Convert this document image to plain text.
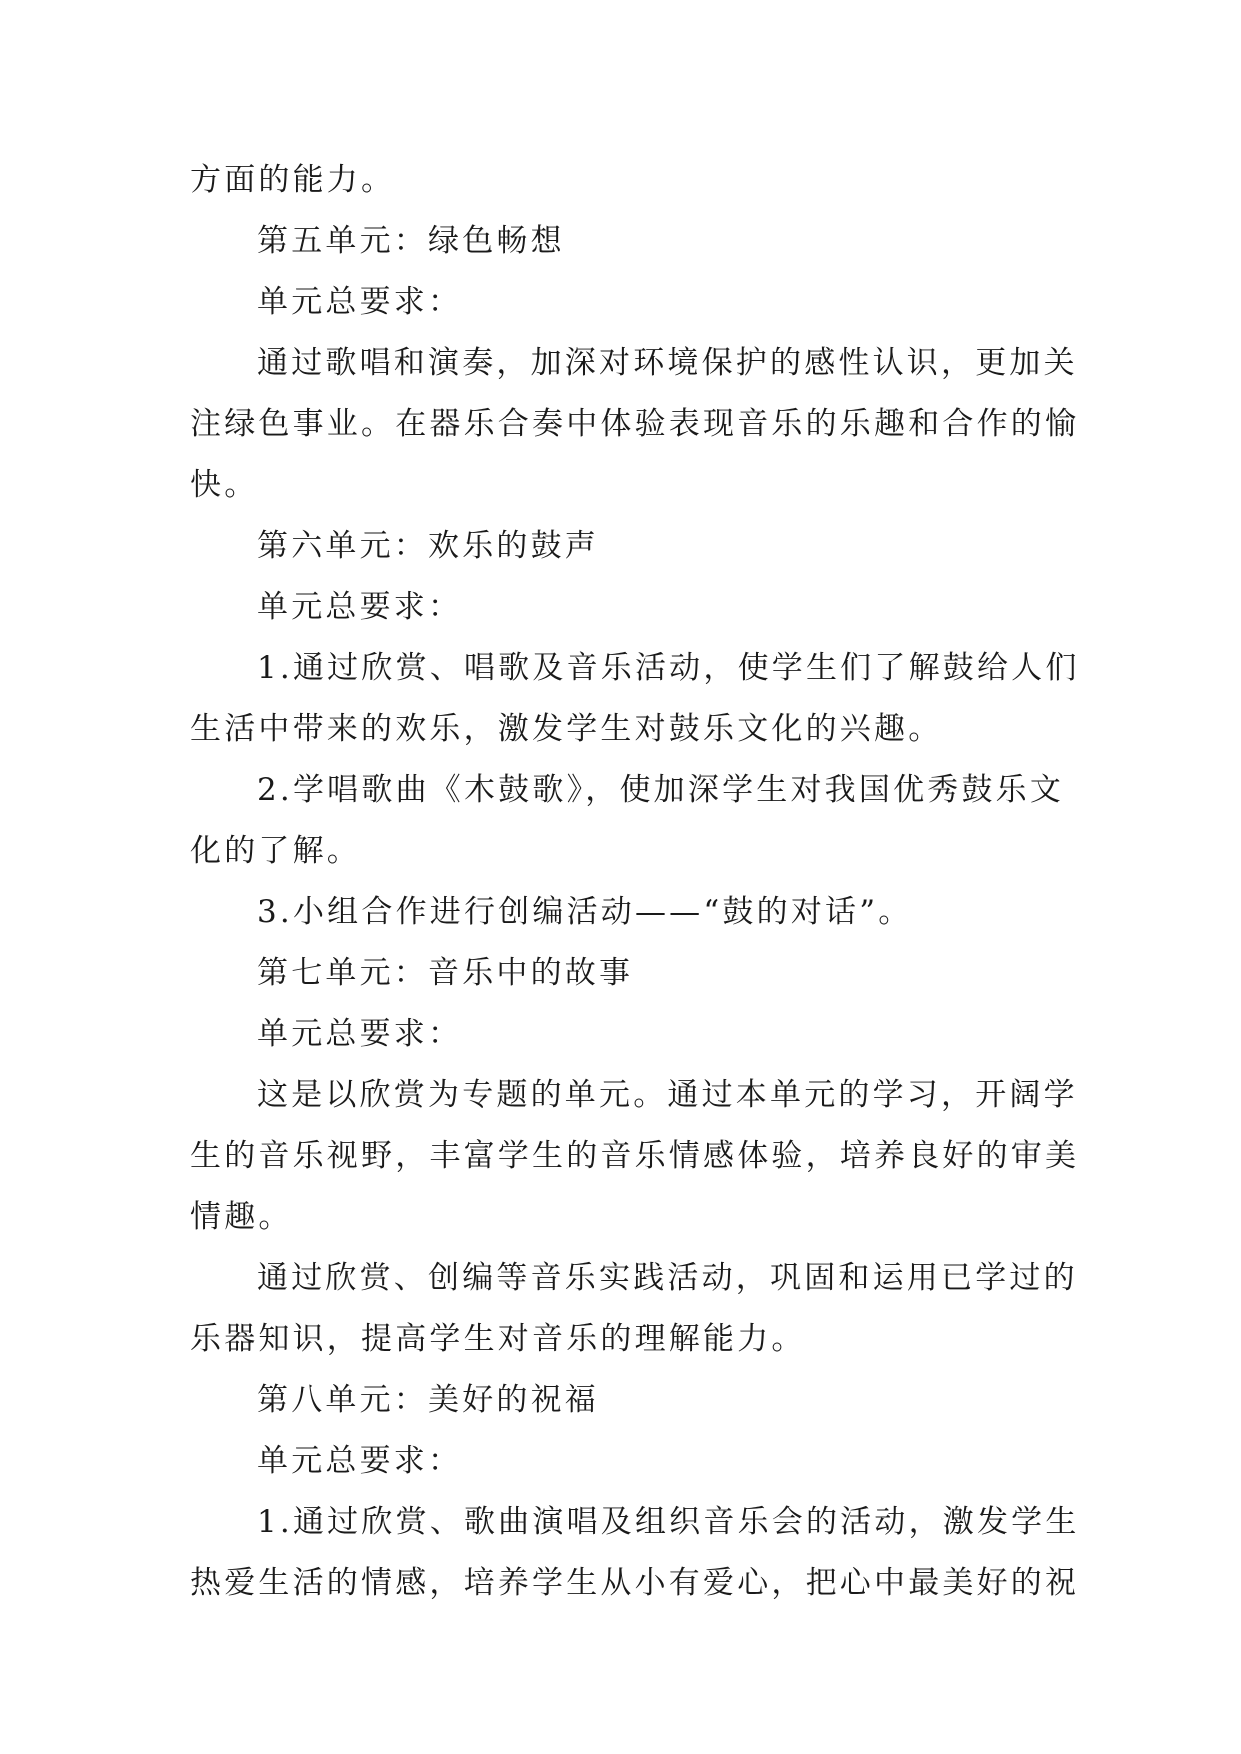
方面的能力。

第五单元：绿色畅想

单元总要求：

通过歌唱和演奏，加深对环境保护的感性认识，更加关

注绿色事业。在器乐合奏中体验表现音乐的乐趣和合作的愉

快。

第六单元：欢乐的鼓声

单元总要求：

1.通过欣赏、唱歌及音乐活动，使学生们了解鼓给人们

生活中带来的欢乐，激发学生对鼓乐文化的兴趣。

2.学唱歌曲《木鼓歌》，使加深学生对我国优秀鼓乐文

化的了解。

3.小组合作进行创编活动——“鼓的对话”。

第七单元：音乐中的故事

单元总要求：

这是以欣赏为专题的单元。通过本单元的学习，开阔学

生的音乐视野，丰富学生的音乐情感体验，培养良好的审美

情趣。

通过欣赏、创编等音乐实践活动，巩固和运用已学过的

乐器知识，提高学生对音乐的理解能力。

第八单元：美好的祝福

单元总要求：

1.通过欣赏、歌曲演唱及组织音乐会的活动，激发学生

热爱生活的情感，培养学生从小有爱心，把心中最美好的祝
